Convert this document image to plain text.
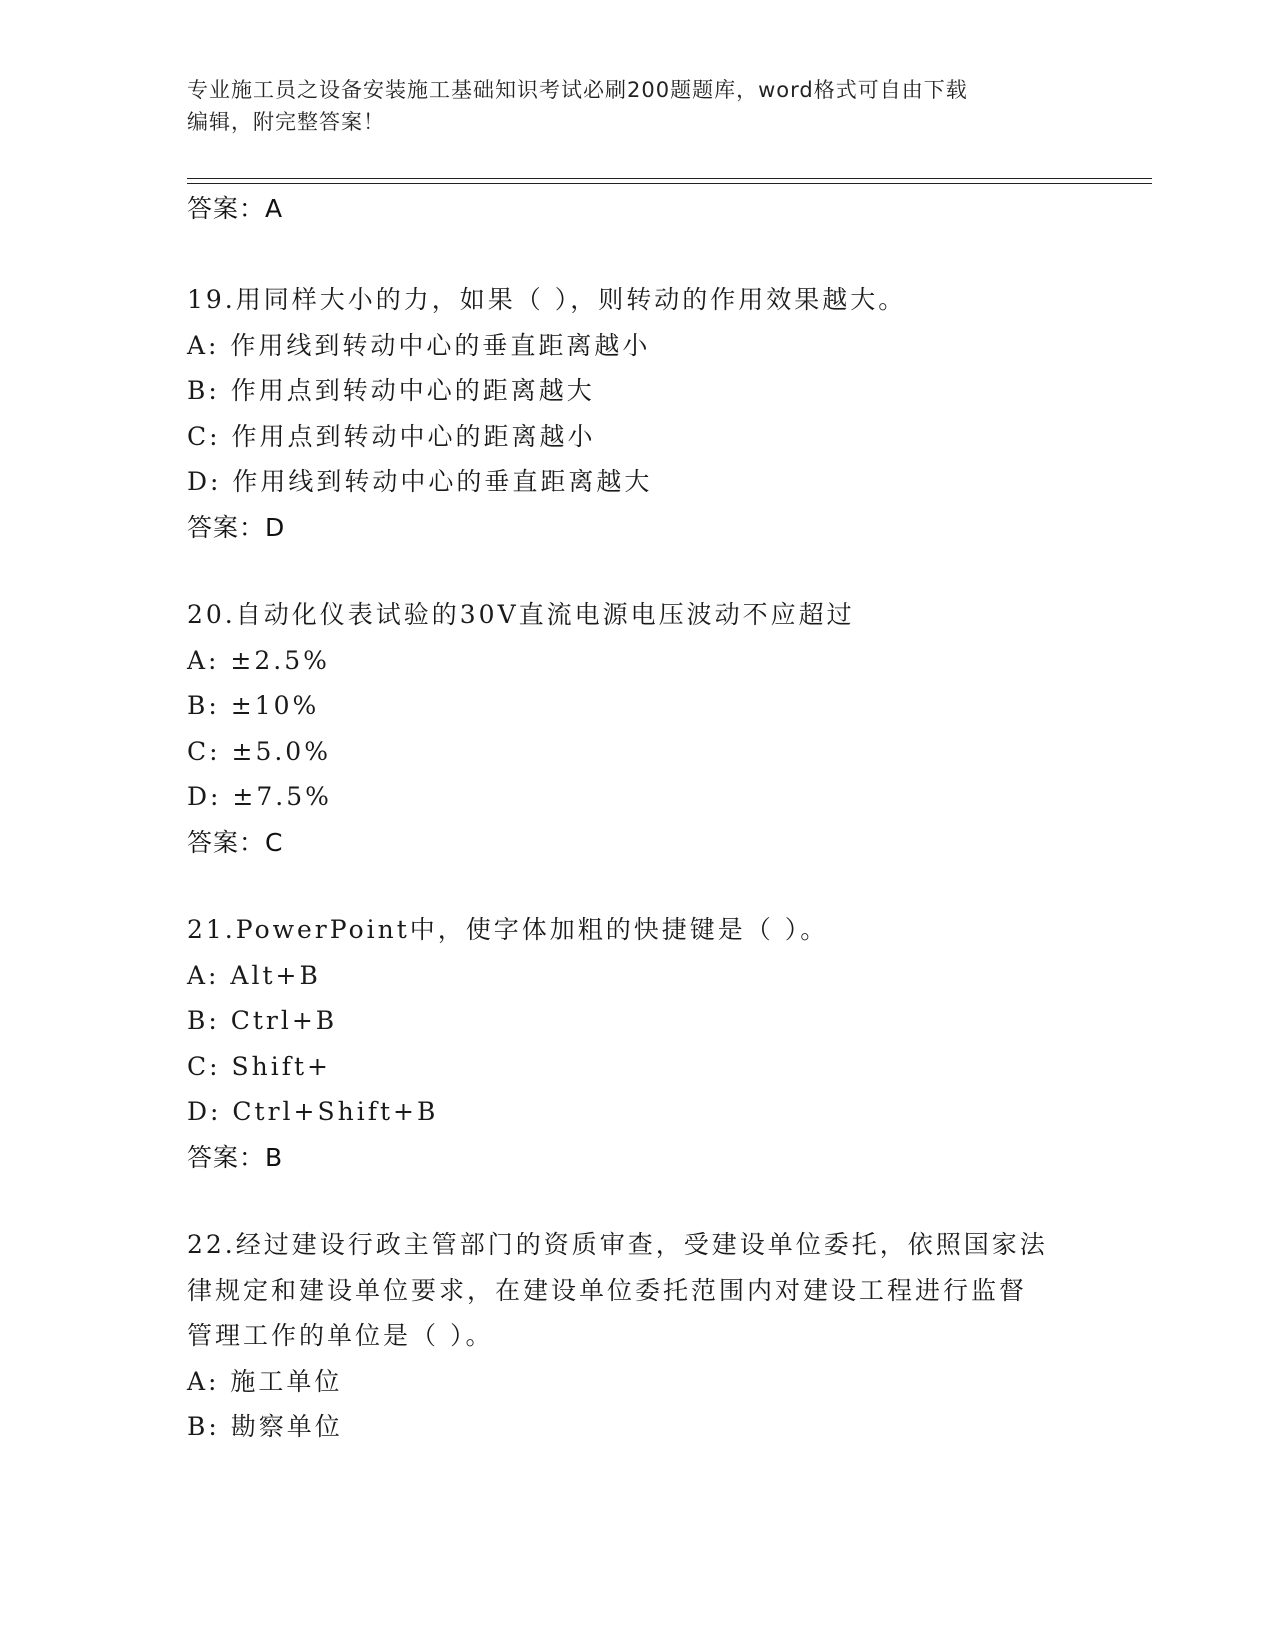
专业施工员之设备安装施工基础知识考试必刷200题题库，word格式可自由下载
编辑，附完整答案！
答案：A
19.用同样大小的力，如果（ ），则转动的作用效果越大。
A: 作用线到转动中心的垂直距离越小
B: 作用点到转动中心的距离越大
C: 作用点到转动中心的距离越小
D: 作用线到转动中心的垂直距离越大
答案：D
20.自动化仪表试验的30V直流电源电压波动不应超过
A: ±2.5%
B: ±10%
C: ±5.0%
D: ±7.5%
答案：C
21.PowerPoint中，使字体加粗的快捷键是（ ）。
A: Alt+B
B: Ctrl+B
C: Shift+
D: Ctrl+Shift+B
答案：B
22.经过建设行政主管部门的资质审查，受建设单位委托，依照国家法
律规定和建设单位要求，在建设单位委托范围内对建设工程进行监督
管理工作的单位是（ ）。
A: 施工单位
B: 勘察单位
